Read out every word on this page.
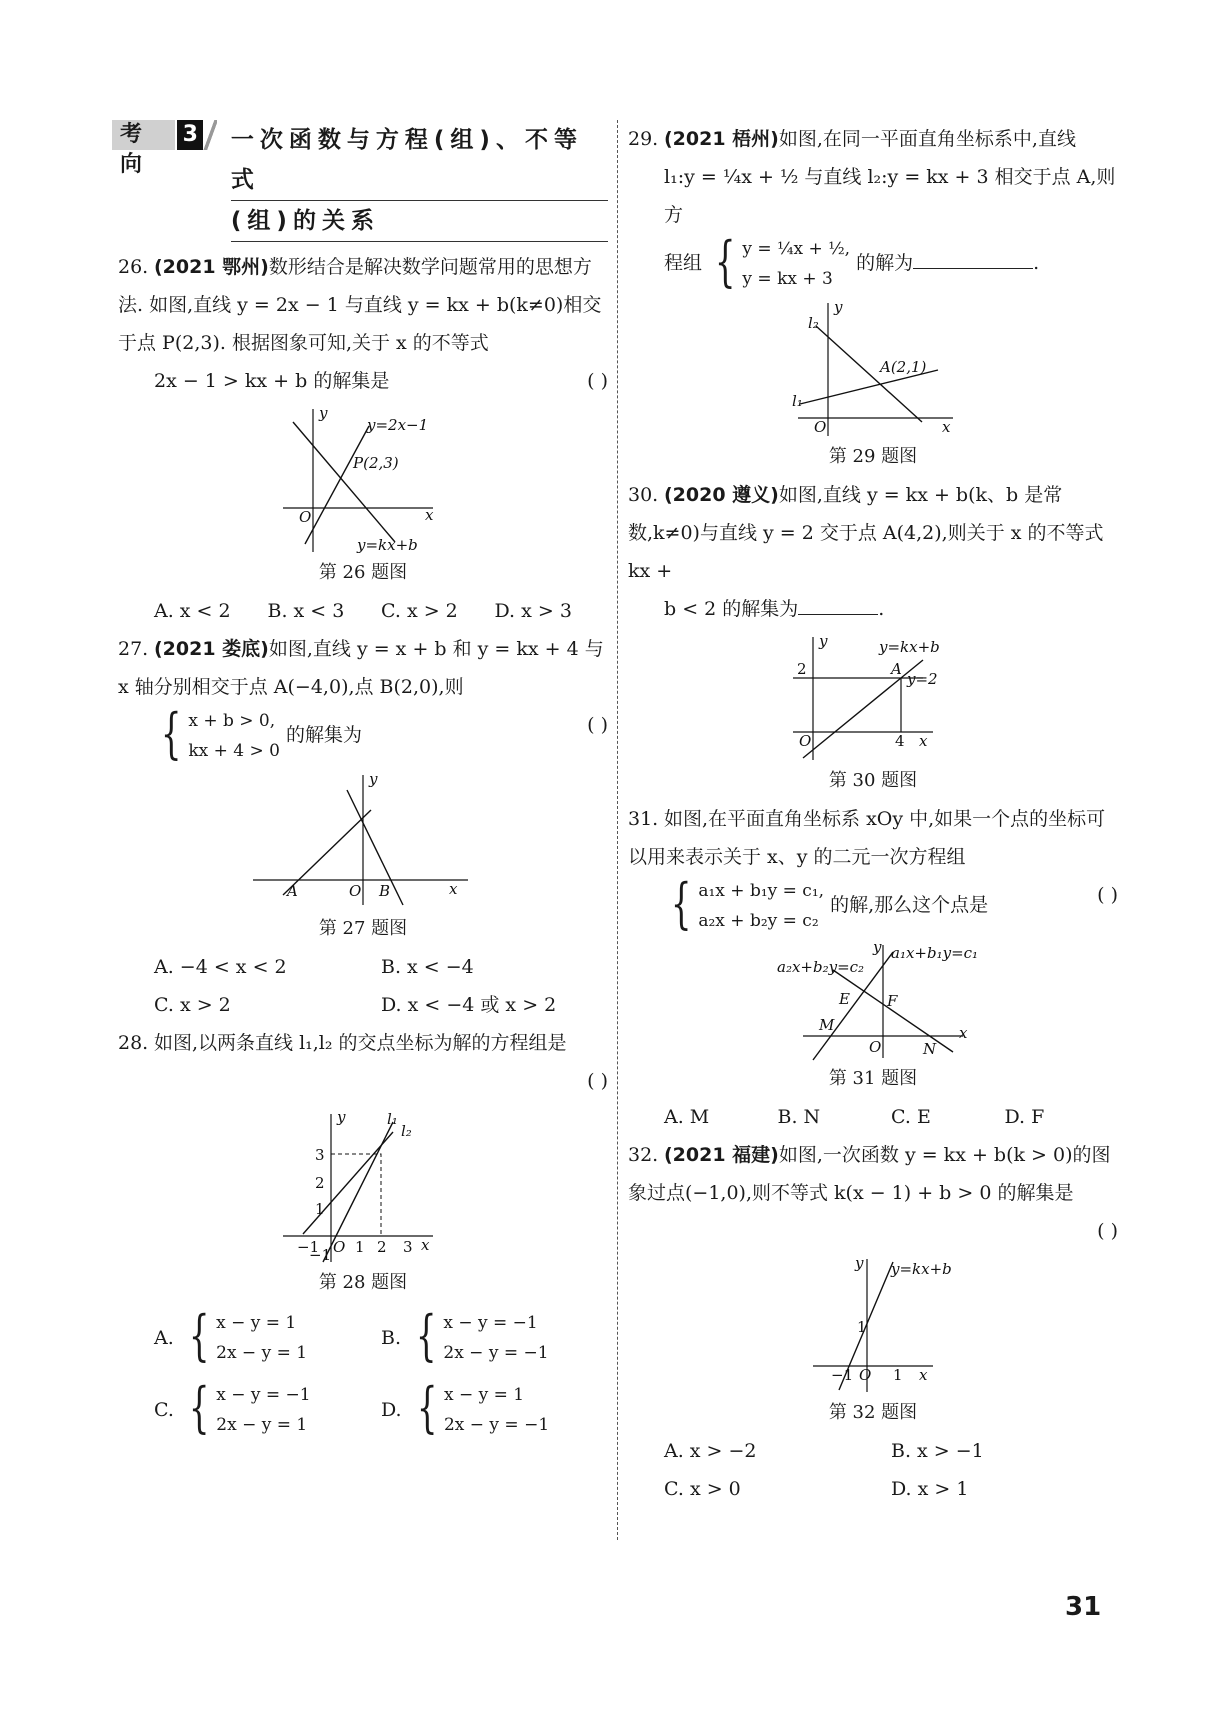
考向
3 一次函数与方程(组)、不等式
(组)的关系
26. (2021 鄂州)数形结合是解决数学问题常用的思想方法. 如图,直线 y = 2x − 1 与直线 y = kx + b(k≠0)相交于点 P(2,3). 根据图象可知,关于 x 的不等式
2x − 1 > kx + b 的解集是	( )
y=2x−1
P(2,3)
y=kx+b
O	x
y
第 26 题图
A. x < 2	B. x < 3	C. x > 2	D. x > 3
27. (2021 娄底)如图,直线 y = x + b 和 y = kx + 4 与 x 轴分别相交于点 A(−4,0),点 B(2,0),则
{ x + b > 0,
kx + 4 > 0
的解集为	( )
A	O B	x
y
第 27 题图
A. −4 < x < 2	B. x < −4
C. x > 2	D. x < −4 或 x > 2
28. 如图,以两条直线 l₁,l₂ 的交点坐标为解的方程组是
( )
l₁
l₂
3
2
1
−1
−1 O 1 2 3 x
y
第 28 题图
A. { x − y = 1
2x − y = 1
B. { x − y = −1
2x − y = −1
C. { x − y = −1
2x − y = 1
D. { x − y = 1
2x − y = −1
29. (2021 梧州)如图,在同一平面直角坐标系中,直线
l₁:y = ¼x + ½ 与直线 l₂:y = kx + 3 相交于点 A,则方
程组 { y = ¼x + ½,
y = kx + 3
的解为	.
l₂
l₁
A(2,1)
O	x
y
第 29 题图
30. (2020 遵义)如图,直线 y = kx + b(k、b 是常数,k≠0)与直线 y = 2 交于点 A(4,2),则关于 x 的不等式kx +
b < 2 的解集为	.
y=kx+b
A
y=2
2
O	4 x
y
第 30 题图
31. 如图,在平面直角坐标系 xOy 中,如果一个点的坐标可以用来表示关于 x、y 的二元一次方程组
{ a₁x + b₁y = c₁,
a₂x + b₂y = c₂
的解,那么这个点是	( )
a₂x+b₂y=c₂
a₁x+b₁y=c₁
E F
M
O	N
x
y
第 31 题图
A. M	B. N	C. E	D. F
32. (2021 福建)如图,一次函数 y = kx + b(k > 0)的图象过点(−1,0),则不等式 k(x − 1) + b > 0 的解集是
( )
y=kx+b
1
−1 O 1 x
y
第 32 题图
A. x > −2	B. x > −1
C. x > 0	D. x > 1
31
